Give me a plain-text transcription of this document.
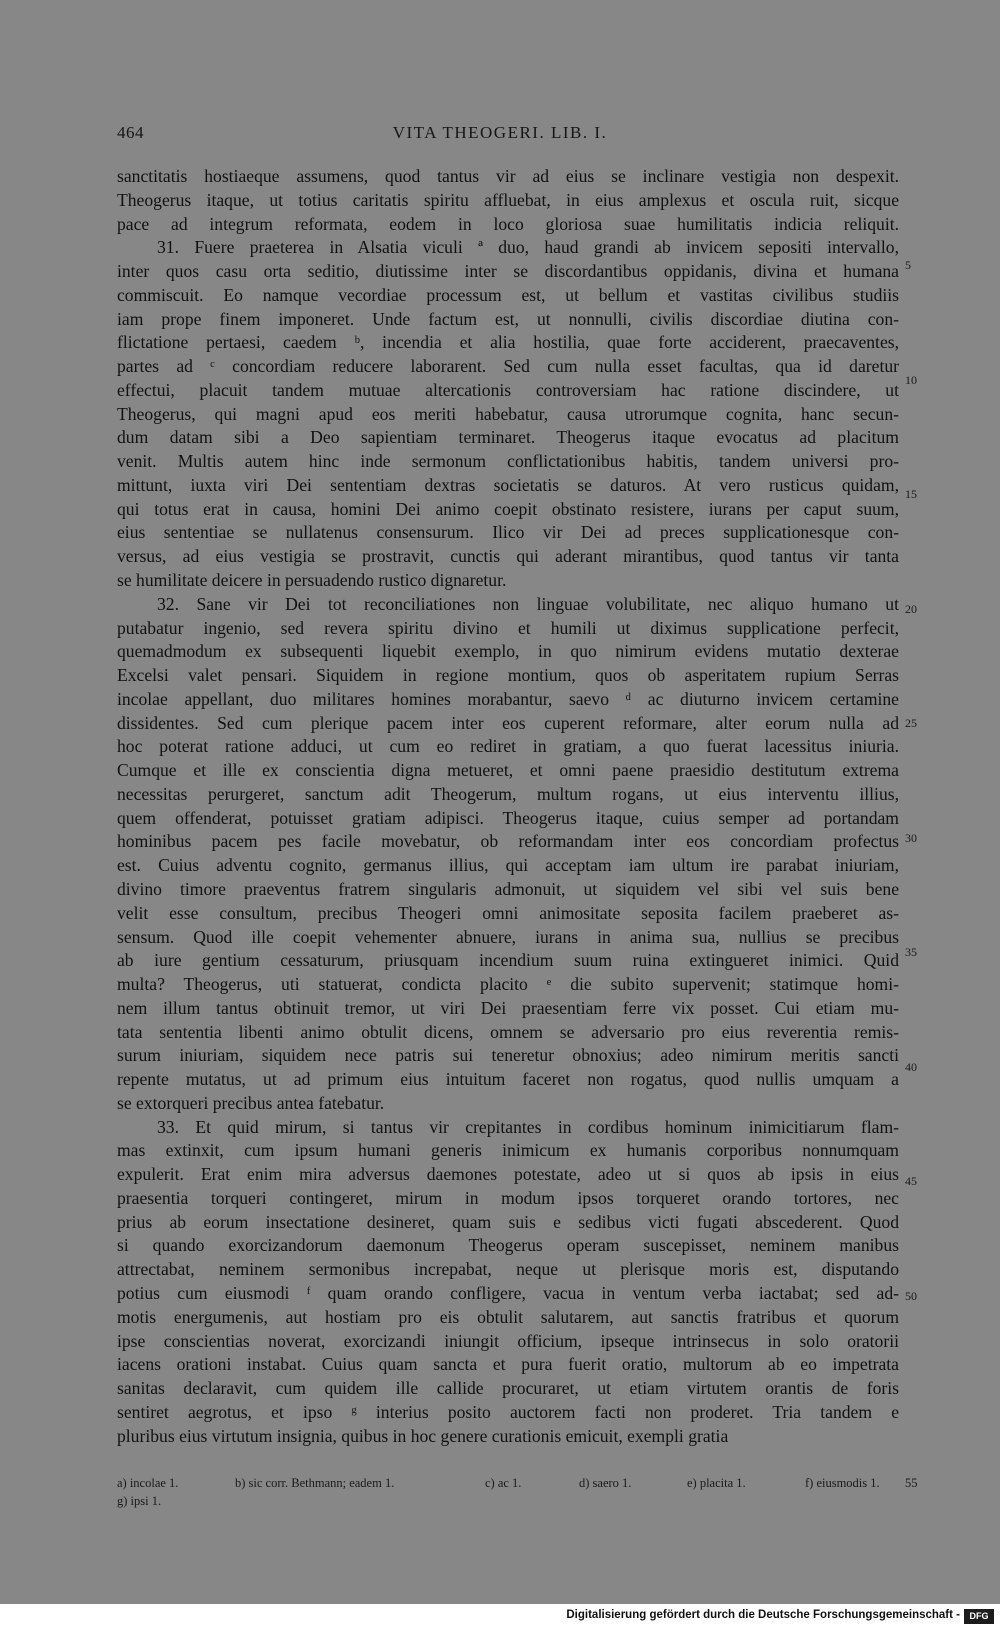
464	VITA THEOGERI. LIB. I.
sanctitatis hostiaeque assumens, quod tantus vir ad eius se inclinare vestigia non despexit.
Theogerus itaque, ut totius caritatis spiritu affluebat, in eius amplexus et oscula ruit, sicque
pace ad integrum reformata, eodem in loco gloriosa suae humilitatis indicia reliquit.
31. Fuere praeterea in Alsatia viculi ª duo, haud grandi ab invicem sepositi intervallo,
inter quos casu orta seditio, diutissime inter se discordantibus oppidanis, divina et humana
commiscuit. Eo namque vecordiae processum est, ut bellum et vastitas civilibus studiis
iam prope finem imponeret. Unde factum est, ut nonnulli, civilis discordiae diutina con-
flictatione pertaesi, caedem ᵇ, incendia et alia hostilia, quae forte acciderent, praecaventes,
partes ad ᶜ concordiam reducere laborarent. Sed cum nulla esset facultas, qua id daretur
effectui, placuit tandem mutuae altercationis controversiam hac ratione discindere, ut
Theogerus, qui magni apud eos meriti habebatur, causa utrorumque cognita, hanc secun-
dum datam sibi a Deo sapientiam terminaret. Theogerus itaque evocatus ad placitum
venit. Multis autem hinc inde sermonum conflictationibus habitis, tandem universi pro-
mittunt, iuxta viri Dei sententiam dextras societatis se daturos. At vero rusticus quidam,
qui totus erat in causa, homini Dei animo coepit obstinato resistere, iurans per caput suum,
eius sententiae se nullatenus consensurum. Ilico vir Dei ad preces supplicationesque con-
versus, ad eius vestigia se prostravit, cunctis qui aderant mirantibus, quod tantus vir tanta
se humilitate deicere in persuadendo rustico dignaretur.
32. Sane vir Dei tot reconciliationes non linguae volubilitate, nec aliquo humano ut
putabatur ingenio, sed revera spiritu divino et humili ut diximus supplicatione perfecit,
quemadmodum ex subsequenti liquebit exemplo, in quo nimirum evidens mutatio dexterae
Excelsi valet pensari. Siquidem in regione montium, quos ob asperitatem rupium Serras
incolae appellant, duo militares homines morabantur, saevo ᵈ ac diuturno invicem certamine
dissidentes. Sed cum plerique pacem inter eos cuperent reformare, alter eorum nulla ad
hoc poterat ratione adduci, ut cum eo rediret in gratiam, a quo fuerat lacessitus iniuria.
Cumque et ille ex conscientia digna metueret, et omni paene praesidio destitutum extrema
necessitas perurgeret, sanctum adit Theogerum, multum rogans, ut eius interventu illius,
quem offenderat, potuisset gratiam adipisci. Theogerus itaque, cuius semper ad portandam
hominibus pacem pes facile movebatur, ob reformandam inter eos concordiam profectus
est. Cuius adventu cognito, germanus illius, qui acceptam iam ultum ire parabat iniuriam,
divino timore praeventus fratrem singularis admonuit, ut siquidem vel sibi vel suis bene
velit esse consultum, precibus Theogeri omni animositate seposita facilem praeberet as-
sensum. Quod ille coepit vehementer abnuere, iurans in anima sua, nullius se precibus
ab iure gentium cessaturum, priusquam incendium suum ruina extingueret inimici. Quid
multa? Theogerus, uti statuerat, condicta placito ᵉ die subito supervenit; statimque homi-
nem illum tantus obtinuit tremor, ut viri Dei praesentiam ferre vix posset. Cui etiam mu-
tata sententia libenti animo obtulit dicens, omnem se adversario pro eius reverentia remis-
surum iniuriam, siquidem nece patris sui teneretur obnoxius; adeo nimirum meritis sancti
repente mutatus, ut ad primum eius intuitum faceret non rogatus, quod nullis umquam a
se extorqueri precibus antea fatebatur.
33. Et quid mirum, si tantus vir crepitantes in cordibus hominum inimicitiarum flam-
mas extinxit, cum ipsum humani generis inimicum ex humanis corporibus nonnumquam
expulerit. Erat enim mira adversus daemones potestate, adeo ut si quos ab ipsis in eius
praesentia torqueri contingeret, mirum in modum ipsos torqueret orando tortores, nec
prius ab eorum insectatione desineret, quam suis e sedibus victi fugati abscederent. Quod
si quando exorcizandorum daemonum Theogerus operam suscepisset, neminem manibus
attrectabat, neminem sermonibus increpabat, neque ut plerisque moris est, disputando
potius cum eiusmodi ᶠ quam orando confligere, vacua in ventum verba iactabat; sed ad-
motis energumenis, aut hostiam pro eis obtulit salutarem, aut sanctis fratribus et quorum
ipse conscientias noverat, exorcizandi iniungit officium, ipseque intrinsecus in solo oratorii
iacens orationi instabat. Cuius quam sancta et pura fuerit oratio, multorum ab eo impetrata
sanitas declaravit, cum quidem ille callide procuraret, ut etiam virtutem orantis de foris
sentiret aegrotus, et ipso ᵍ interius posito auctorem facti non proderet. Tria tandem e
pluribus eius virtutum insignia, quibus in hoc genere curationis emicuit, exempli gratia
5
10
15
20
25
30
35
40
45
50
a) incolae 1.	b) sic corr. Bethmann; eadem 1.	c) ac 1.	d) saero 1.	e) placita 1.	f) eiusmodis 1. 55
g) ipsi 1.
Digitalisierung gefördert durch die Deutsche Forschungsgemeinschaft -	DFG
